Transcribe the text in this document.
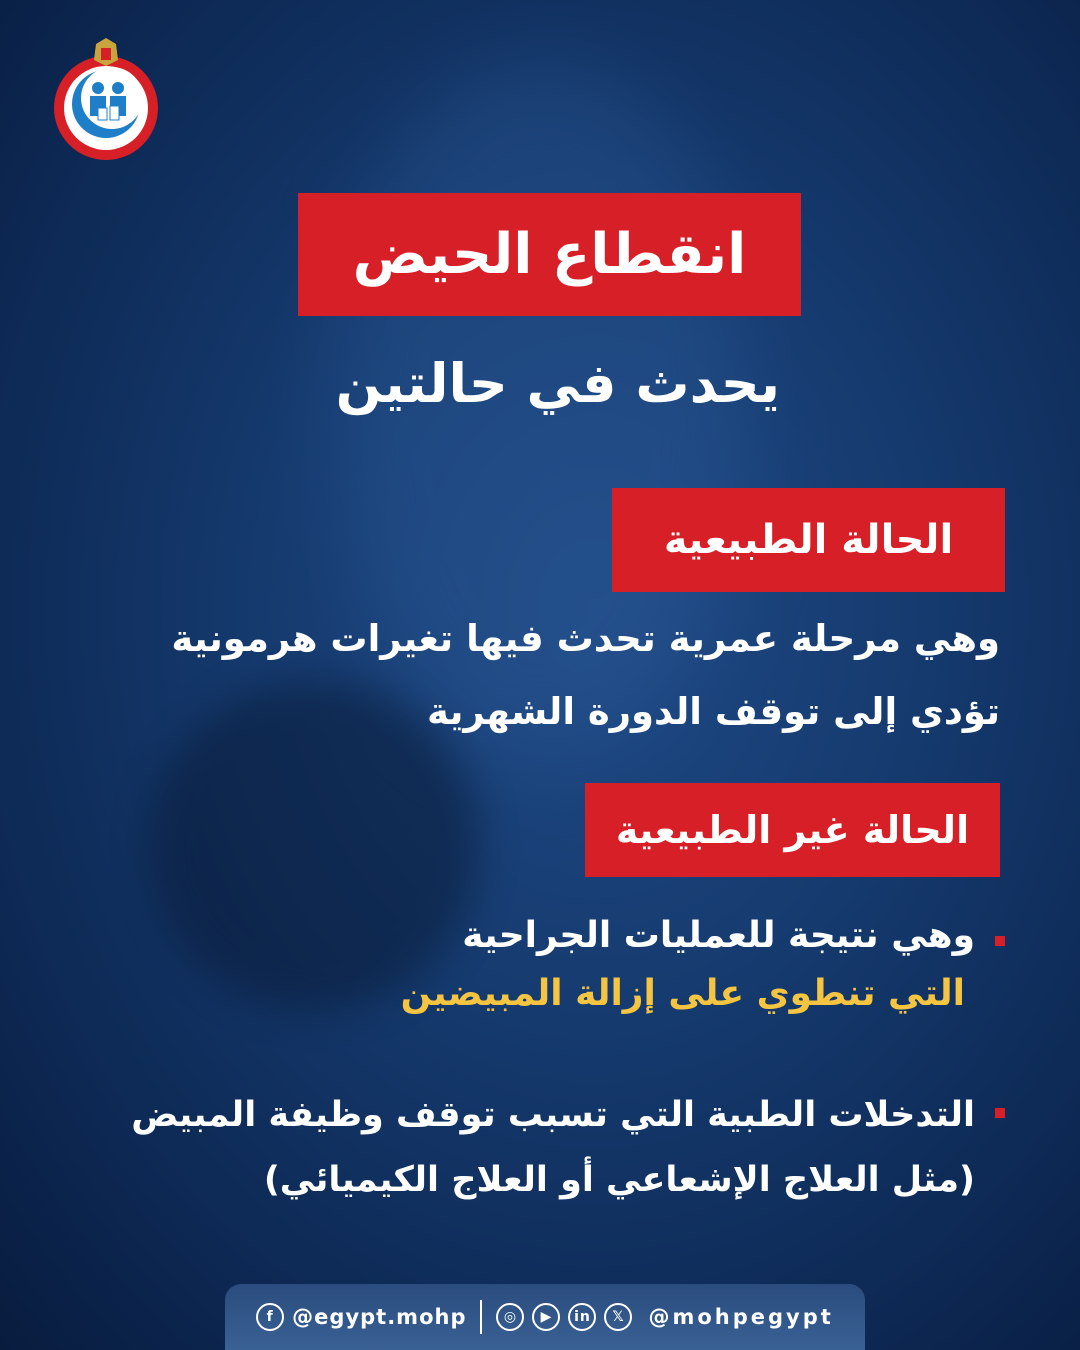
انقطاع الحيض
يحدث في حالتين
الحالة الطبيعية
وهي مرحلة عمرية تحدث فيها تغيرات هرمونية
تؤدي إلى توقف الدورة الشهرية
الحالة غير الطبيعية
وهي نتيجة للعمليات الجراحية
التي تنطوي على إزالة المبيضين
التدخلات الطبية التي تسبب توقف وظيفة المبيض
(مثل العلاج الإشعاعي أو العلاج الكيميائي)
f @egypt.mohp	◎	▶	in	𝕏	@mohpegypt
